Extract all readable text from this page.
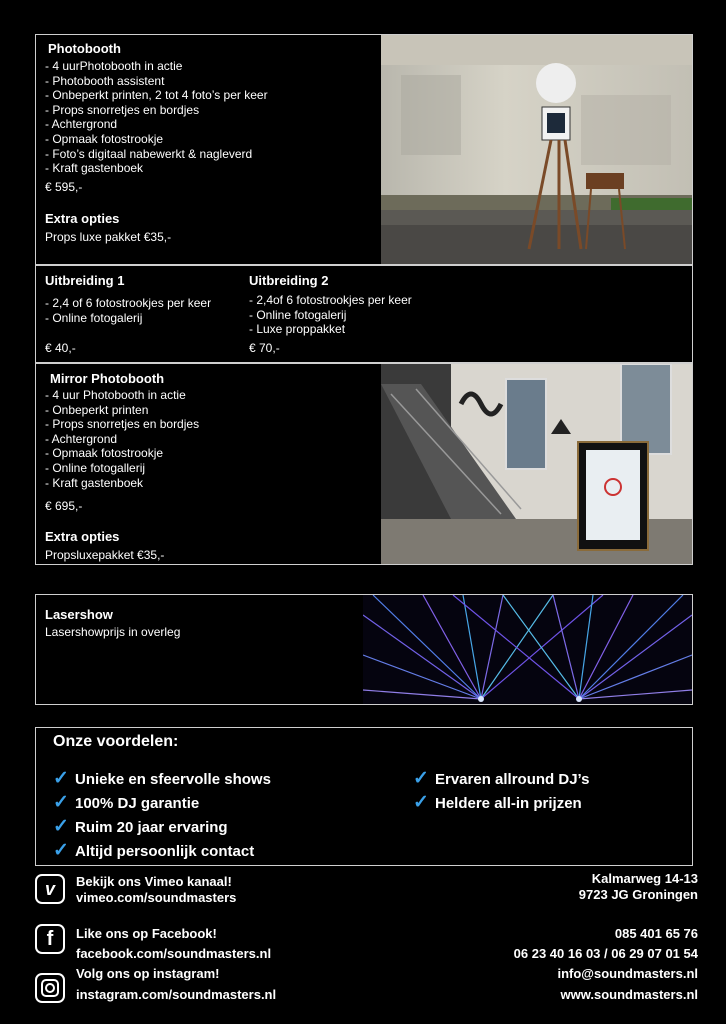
Photobooth
- 4 uurPhotobooth in actie
- Photobooth assistent
- Onbeperkt printen, 2 tot 4 foto’s per keer
- Props snorretjes en bordjes
- Achtergrond
- Opmaak fotostrookje
- Foto’s digitaal nabewerkt & nagleverd
- Kraft gastenboek
€ 595,-
Extra opties
Props luxe pakket €35,-
Uitbreiding 1
- 2,4 of 6 fotostrookjes per keer
- Online fotogalerij
€ 40,-
Uitbreiding 2
- 2,4of 6 fotostrookjes per keer
- Online fotogalerij
- Luxe proppakket
€ 70,-
Mirror Photobooth
- 4 uur Photobooth in actie
- Onbeperkt printen
- Props snorretjes en bordjes
- Achtergrond
- Opmaak fotostrookje
- Online fotogallerij
- Kraft gastenboek
€ 695,-
Extra opties
Propsluxepakket €35,-
Lasershow
Lasershowprijs in overleg
Onze voordelen:
✓ Unieke en sfeervolle shows
✓ 100% DJ garantie
✓ Ruim 20 jaar ervaring
✓ Altijd persoonlijk contact
✓ Ervaren allround DJ’s
✓ Heldere all-in prijzen
v Bekijk ons Vimeo kanaal!
vimeo.com/soundmasters
f Like ons op Facebook!
facebook.com/soundmasters.nl
Volg ons op instagram!
instagram.com/soundmasters.nl
Kalmarweg 14-13
9723 JG Groningen
085 401 65 76
06 23 40 16 03 / 06 29 07 01 54
info@soundmasters.nl
www.soundmasters.nl
